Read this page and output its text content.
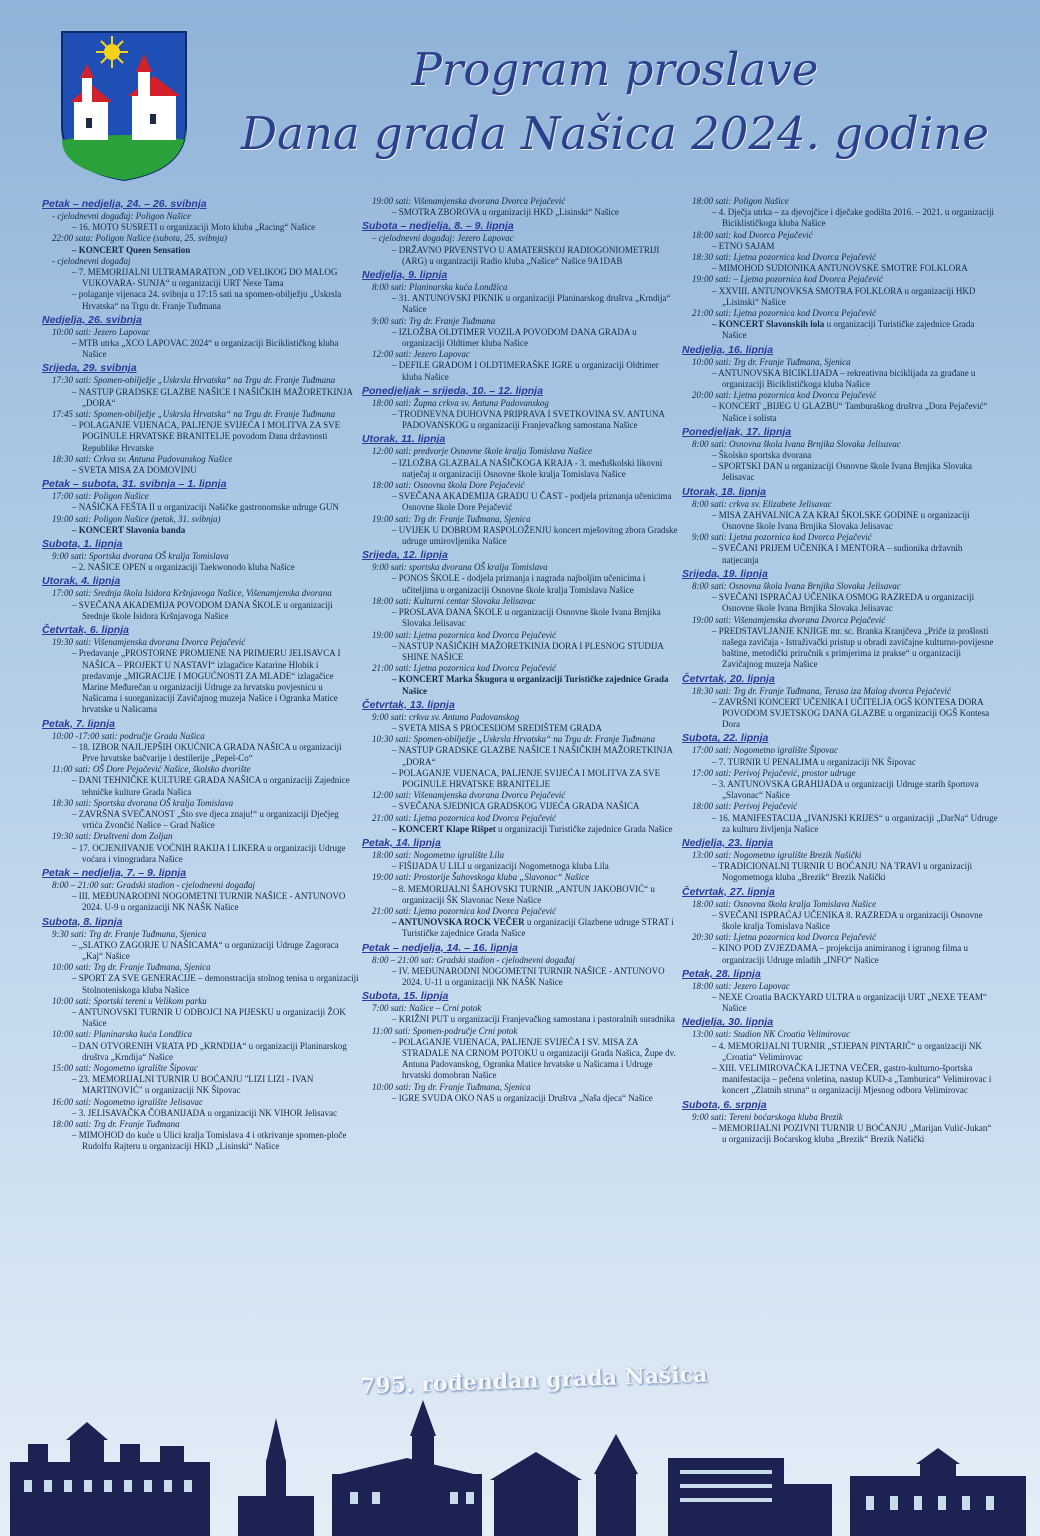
Program proslave
Dana grada Našica 2024. godine
Petak – nedjelja, 24. – 26. svibnja
- cjelodnevni događaj: Poligon Našice
– 16. MOTO SUSRETI u organizaciji Moto kluba „Racing“ Našice
22:00 sata: Poligon Našice (subota, 25. svibnja)
– KONCERT Queen Sensation
- cjelodnevni događaj
– 7. MEMORIJALNI ULTRAMARATON „OD VELIKOG DO MALOG VUKOVARA- SUNJA“ u organizaciji URT Nexe Tama
– polaganje vijenaca 24. svibnja u 17:15 sati na spomen-obilježju „Uskrsla Hrvatska“ na Trgu dr. Franje Tuđmana
Nedjelja, 26. svibnja
10:00 sati: Jezero Lapovac
– MTB utrka „XCO LAPOVAC 2024“ u organizaciji Biciklističkog kluba Našice
Srijeda, 29. svibnja
17:30 sati: Spomen-obilježje „Uskrsla Hrvatska“ na Trgu dr. Franje Tuđmana
– NASTUP GRADSKE GLAZBE NAŠICE I NAŠIČKIH MAŽORETKINJA „DORA“
17:45 sati: Spomen-obilježje „Uskrsla Hrvatska“ na Trgu dr. Franje Tuđmana
– POLAGANJE VIJENACA, PALJENJE SVIJEĆA I MOLITVA ZA SVE POGINULE HRVATSKE BRANITELJE povodom Dana državnosti Republike Hrvatske
18:30 sati: Crkva sv. Antuna Padovanskog Našice
– SVETA MISA ZA DOMOVINU
Petak – subota, 31. svibnja – 1. lipnja
17:00 sati: Poligon Našice
– NAŠIČKA FEŠTA II u organizaciji Našičke gastronomske udruge GUN
19:00 sati: Poligon Našice (petak, 31. svibnja)
– KONCERT Slavonia banda
Subota, 1. lipnja
9:00 sati: Sportska dvorana OŠ kralja Tomislava
– 2. NAŠICE OPEN u organizaciji Taekwonodo kluba Našice
Utorak, 4. lipnja
17:00 sati: Srednja škola Isidora Kršnjavoga Našice, Višenamjenska dvorana
– SVEČANA AKADEMIJA POVODOM DANA ŠKOLE u organizaciji Srednje škole Isidora Kršnjavoga Našice
Četvrtak, 6. lipnja
19:30 sati: Višenamjenska dvorana Dvorca Pejačević
– Predavanje „PROSTORNE PROMJENE NA PRIMJERU JELISAVCA I NAŠICA – PROJEKT U NASTAVI“ izlagačice Katarine Hlobik i predavanje „MIGRACIJE I MOGUĆNOSTI ZA MLADE“ izlagačice Marine Međurečan u organizaciji Udruge za hrvatsku povjesnicu u Našicama i suorganizaciji Zavičajnog muzeja Našice i Ogranka Matice hrvatske u Našicama
Petak, 7. lipnja
10:00 -17:00 sati: područje Grada Našica
– 18. IZBOR NAJLJEPŠIH OKUĆNICA GRADA NAŠICA u organizaciji Prve hrvatske bačvarije i destilerije „Pepel-Co“
11:00 sati: OŠ Dore Pejačević Našice, školsko dvorište
– DANI TEHNIČKE KULTURE GRADA NAŠICA u organizaciji Zajednice tehničke kulture Grada Našica
18:30 sati: Sportska dvorana OŠ kralja Tomislava
– ZAVRŠNA SVEČANOST „Što sve djeca znaju!“ u organizaciji Dječjeg vrtića Zvončić Našice – Grad Našice
19:30 sati: Društveni dom Zoljan
– 17. OCJENJIVANJE VOĆNIH RAKIJA I LIKERA u organizaciji Udruge voćara i vinogradara Našice
Petak – nedjelja, 7. – 9. lipnja
8:00 – 21:00 sat: Gradski stadion - cjelodnevni događaj
– III. MEĐUNARODNI NOGOMETNI TURNIR NAŠICE - ANTUNOVO 2024. U-9 u organizaciji NK NAŠK Našice
Subota, 8. lipnja
9:30 sati: Trg dr. Franje Tuđmana, Sjenica
– „SLATKO ZAGORJE U NAŠICAMA“ u organizaciji Udruge Zagoraca „Kaj“ Našice
10:00 sati: Trg dr. Franje Tuđmana, Sjenica
– SPORT ZA SVE GENERACIJE – demonstracija stolnog tenisa u organizaciji Stolnoteniskoga kluba Našice
10:00 sati: Sportski tereni u Velikom parku
– ANTUNOVSKI TURNIR U ODBOJCI NA PIJESKU u organizaciji ŽOK Našice
10:00 sati: Planinarska kuća Londžica
– DAN OTVORENIH VRATA PD „KRNDIJA“ u organizaciji Planinarskog društva „Krndija“ Našice
15:00 sati: Nogometno igralište Šipovac
– 23. MEMORIJALNI TURNIR U BOĆANJU "LIZI LIZI - IVAN MARTINOVIĆ" u organizaciji NK Šipovac
16:00 sati: Nogometno igralište Jelisavac
– 3. JELISAVAČKA ČOBANIJADA u organizaciji NK VIHOR Jelisavac
18:00 sati: Trg dr. Franje Tuđmana
– MIMOHOD do kuće u Ulici kralja Tomislava 4 i otkrivanje spomen-ploče Rudolfu Rajteru u organizaciji HKD „Lisinski“ Našice
19:00 sati: Višenamjenska dvorana Dvorca Pejačević
– SMOTRA ZBOROVA u organizaciji HKD „Lisinski“ Našice
Subota – nedjelja, 8. – 9. lipnja
– cjelodnevni događaj: Jezero Lapovac
– DRŽAVNO PRVENSTVO U AMATERSKOJ RADIOGONIOMETRIJI (ARG) u organizaciji Radio kluba „Našice“ Našice 9A1DAB
Nedjelja, 9. lipnja
8:00 sati: Planinarska kuća Londžica
– 31. ANTUNOVSKI PIKNIK u organizaciji Planinarskog društva „Krndija“ Našice
9:00 sati: Trg dr. Franje Tuđmana
– IZLOŽBA OLDTIMER VOZILA POVODOM DANA GRADA u organizaciji Oldtimer kluba Našice
12:00 sati: Jezero Lapovac
– DEFILE GRADOM I OLDTIMERAŠKE IGRE u organizaciji Oldtimer kluba Našice
Ponedjeljak – srijeda, 10. – 12. lipnja
18:00 sati: Župna crkva sv. Antuna Padovanskog
– TRODNEVNA DUHOVNA PRIPRAVA I SVETKOVINA SV. ANTUNA PADOVANSKOG u organizaciji Franjevačkog samostana Našice
Utorak, 11. lipnja
12:00 sati: predvorje Osnovne škole kralja Tomislava Našice
– IZLOŽBA GLAZBALA NAŠIČKOGA KRAJA - 3. međuškolski likovni natječaj u organizaciji Osnovne škole kralja Tomislava Našice
18:00 sati: Osnovna škola Dore Pejačević
– SVEČANA AKADEMIJA GRADU U ČAST - podjela priznanja učenicima Osnovne škole Dore Pejačević
19:00 sati: Trg dr. Franje Tuđmana, Sjenica
– UVIJEK U DOBROM RASPOLOŽENJU koncert mješovitog zbora Gradske udruge umirovljenika Našice
Srijeda, 12. lipnja
9:00 sati: sportska dvorana OŠ kralja Tomislava
– PONOS ŠKOLE - dodjela priznanja i nagrada najboljim učenicima i učiteljima u organizaciji Osnovne škole kralja Tomislava Našice
18:00 sati: Kulturni centar Slovaka Jelisavac
– PROSLAVA DANA ŠKOLE u organizaciji Osnovne škole Ivana Brnjika Slovaka Jelisavac
19:00 sati: Ljetna pozornica kod Dvorca Pejačević
– NASTUP NAŠIČKIH MAŽORETKINJA DORA I PLESNOG STUDIJA SHINE NAŠICE
21:00 sati: Ljetna pozornica kod Dvorca Pejačević
– KONCERT Marka Škugora u organizaciji Turističke zajednice Grada Našice
Četvrtak, 13. lipnja
9:00 sati: crkva sv. Antuna Padovanskog
– SVETA MISA S PROCESIJOM SREDIŠTEM GRADA
10:30 sati: Spomen-obilježje „Uskrsla Hrvatska“ na Trgu dr. Franje Tuđmana
– NASTUP GRADSKE GLAZBE NAŠICE I NAŠIČKIH MAŽORETKINJA „DORA“
– POLAGANJE VIJENACA, PALJENJE SVIJEĆA I MOLITVA ZA SVE POGINULE HRVATSKE BRANITELJE
12:00 sati: Višenamjenska dvorana Dvorca Pejačević
– SVEČANA SJEDNICA GRADSKOG VIJEĆA GRADA NAŠICA
21:00 sati: Ljetna pozornica kod Dvorca Pejačević
– KONCERT Klape Rišpet u organizaciji Turističke zajednice Grada Našice
Petak, 14. lipnja
18:00 sati: Nogometno igralište Lila
– FIŠIJADA U LILI u organizaciji Nogometnoga kluba Lila
19:00 sati: Prostorije Šahovskoga kluba „Slavonac“ Našice
– 8. MEMORIJALNI ŠAHOVSKI TURNIR „ANTUN JAKOBOVIĆ“ u organizaciji ŠK Slavonac Nexe Našice
21:00 sati: Ljetna pozornica kod Dvorca Pejačević
– ANTUNOVSKA ROCK VEČER u organizaciji Glazbene udruge STRAT i Turističke zajednice Grada Našice
Petak – nedjelja, 14. – 16. lipnja
8:00 – 21:00 sat: Gradski stadion - cjelodnevni događaj
– IV. MEĐUNARODNI NOGOMETNI TURNIR NAŠICE - ANTUNOVO 2024. U-11 u organizaciji NK NAŠK Našice
Subota, 15. lipnja
7:00 sati: Našice – Crni potok
– KRIŽNI PUT u organizaciji Franjevačkog samostana i pastoralnih suradnika
11:00 sati: Spomen-područje Crni potok
– POLAGANJE VIJENACA, PALJENJE SVIJEĆA I SV. MISA ZA STRADALE NA CRNOM POTOKU u organizaciji Grada Našica, Župe dv. Antuna Padovanskog, Ogranka Matice hrvatske u Našicama i Udruge hrvatski domobran Našice
10:00 sati: Trg dr. Franje Tuđmana, Sjenica
– IGRE SVUDA OKO NAS u organizaciji Društva „Naša djeca“ Našice
18:00 sati: Poligon Našice
– 4. Dječja utrka – za djevojčice i dječake godišta 2016. – 2021. u organizaciji Biciklističkoga kluba Našice
18:00 sati: kod Dvorca Pejačević
– ETNO SAJAM
18:30 sati: Ljetna pozornica kod Dvorca Pejačević
– MIMOHOD SUDIONIKA ANTUNOVSKE SMOTRE FOLKLORA
19:00 sati: – Ljetna pozornica kod Dvorca Pejačević
– XXVIII. ANTUNOVKSA SMOTRA FOLKLORA u organizaciji HKD „Lisinski“ Našice
21:00 sati: Ljetna pozornica kod Dvorca Pejačević
– KONCERT Slavonskih lola u organizaciji Turističke zajednice Grada Našice
Nedjelja, 16. lipnja
10:00 sati: Trg dr. Franje Tuđmana, Sjenica
– ANTUNOVSKA BICIKLIJADA – rekreativna biciklijada za građane u organizaciji Biciklističkoga kluba Našice
20:00 sati: Ljetna pozornica kod Dvorca Pejačević
– KONCERT „BIJEG U GLAZBU“ Tamburaškog društva „Dora Pejačević“ Našice i solista
Ponedjeljak, 17. lipnja
8:00 sati: Osnovna škola Ivana Brnjika Slovaka Jelisavac
– Školsko sportska dvorana
– SPORTSKI DAN u organizaciji Osnovne škole Ivana Brnjika Slovaka Jelisavac
Utorak, 18. lipnja
8:00 sati: crkva sv. Elizabete Jelisavac
– MISA ZAHVALNICA ZA KRAJ ŠKOLSKE GODINE u organizaciji Osnovne škole Ivana Brnjika Slovaka Jelisavac
9:00 sati: Ljetna pozornica kod Dvorca Pejačević
– SVEČANI PRIJEM UČENIKA I MENTORA – sudionika državnih natjecanja
Srijeda, 19. lipnja
8:00 sati: Osnovna škola Ivana Brnjika Slovaka Jelisavac
– SVEČANI ISPRAĆAJ UČENIKA OSMOG RAZREDA u organizaciji Osnovne škole Ivana Brnjika Slovaka Jelisavac
19:00 sati: Višenamjenska dvorana Dvorca Pejačević
– PREDSTAVLJANJE KNJIGE mr. sc. Branka Kranjčeva „Priče iz prošlosti našega zavičaja - Istraživački pristup u obradi zavičajne kulturno-povijesne baštine, metodički priručnik s primjerima iz prakse“ u organizaciji Zavičajnog muzeja Našice
Četvrtak, 20. lipnja
18:30 sati: Trg dr. Franje Tuđmana, Terasa iza Malog dvorca Pejačević
– ZAVRŠNI KONCERT UČENIKA I UČITELJA OGŠ KONTESA DORA POVODOM SVJETSKOG DANA GLAZBE u organizaciji OGŠ Kontesa Dora
Subota, 22. lipnja
17:00 sati: Nogometno igralište Šipovac
– 7. TURNIR U PENALIMA u organizaciji NK Šipovac
17:00 sati: Perivoj Pejačević, prostor udruge
– 3. ANTUNOVSKA GRAHIJADA u organizaciji Udruge starih športova „Slavonac“ Našice
18:00 sati: Perivoj Pejačević
– 16. MANIFESTACIJA „IVANJSKI KRIJES“ u organizaciji „DarNa“ Udruge za kulturu življenja Našice
Nedjelja, 23. lipnja
13:00 sati: Nogometno igralište Brezik Našički
– TRADICIONALNI TURNIR U BOĆANJU NA TRAVI u organizaciji Nogometnoga kluba „Brezik“ Brezik Našički
Četvrtak, 27. lipnja
18:00 sati: Osnovna škola kralja Tomislava Našice
– SVEČANI ISPRAĆAJ UČENIKA 8. RAZREDA u organizaciji Osnovne škole kralja Tomislava Našice
20:30 sati: Ljetna pozornica kod Dvorca Pejačević
– KINO POD ZVJEZDAMA – projekcija animiranog i igranog filma u organizaciji Udruge mladih „INFO“ Našice
Petak, 28. lipnja
18:00 sati: Jezero Lapovac
– NEXE Croatia BACKYARD ULTRA u organizaciji URT „NEXE TEAM“ Našice
Nedjelja, 30. lipnja
13:00 sati: Stadion NK Croatia Velimirovac
– 4. MEMORIJALNI TURNIR „STJEPAN PINTARIĆ“ u organizaciji NK „Croatia“ Velimirovac
– XIII. VELIMIROVAČKA LJETNA VEČER, gastro-kulturno-športska manifestacija – pečena voletina, nastup KUD-a „Tamburica“ Velimirovac i koncert „Zlatnih struna“ u organizaciji Mjesnog odbora Velimirovac
Subota, 6. srpnja
9:00 sati: Tereni boćarskoga kluba Brezik
– MEMORIJALNI POZIVNI TURNIR U BOĆANJU „Marijan Vulić-Jukan“ u organizaciji Boćarskog kluba „Brezik“ Brezik Našički
795. rođendan grada Našica
